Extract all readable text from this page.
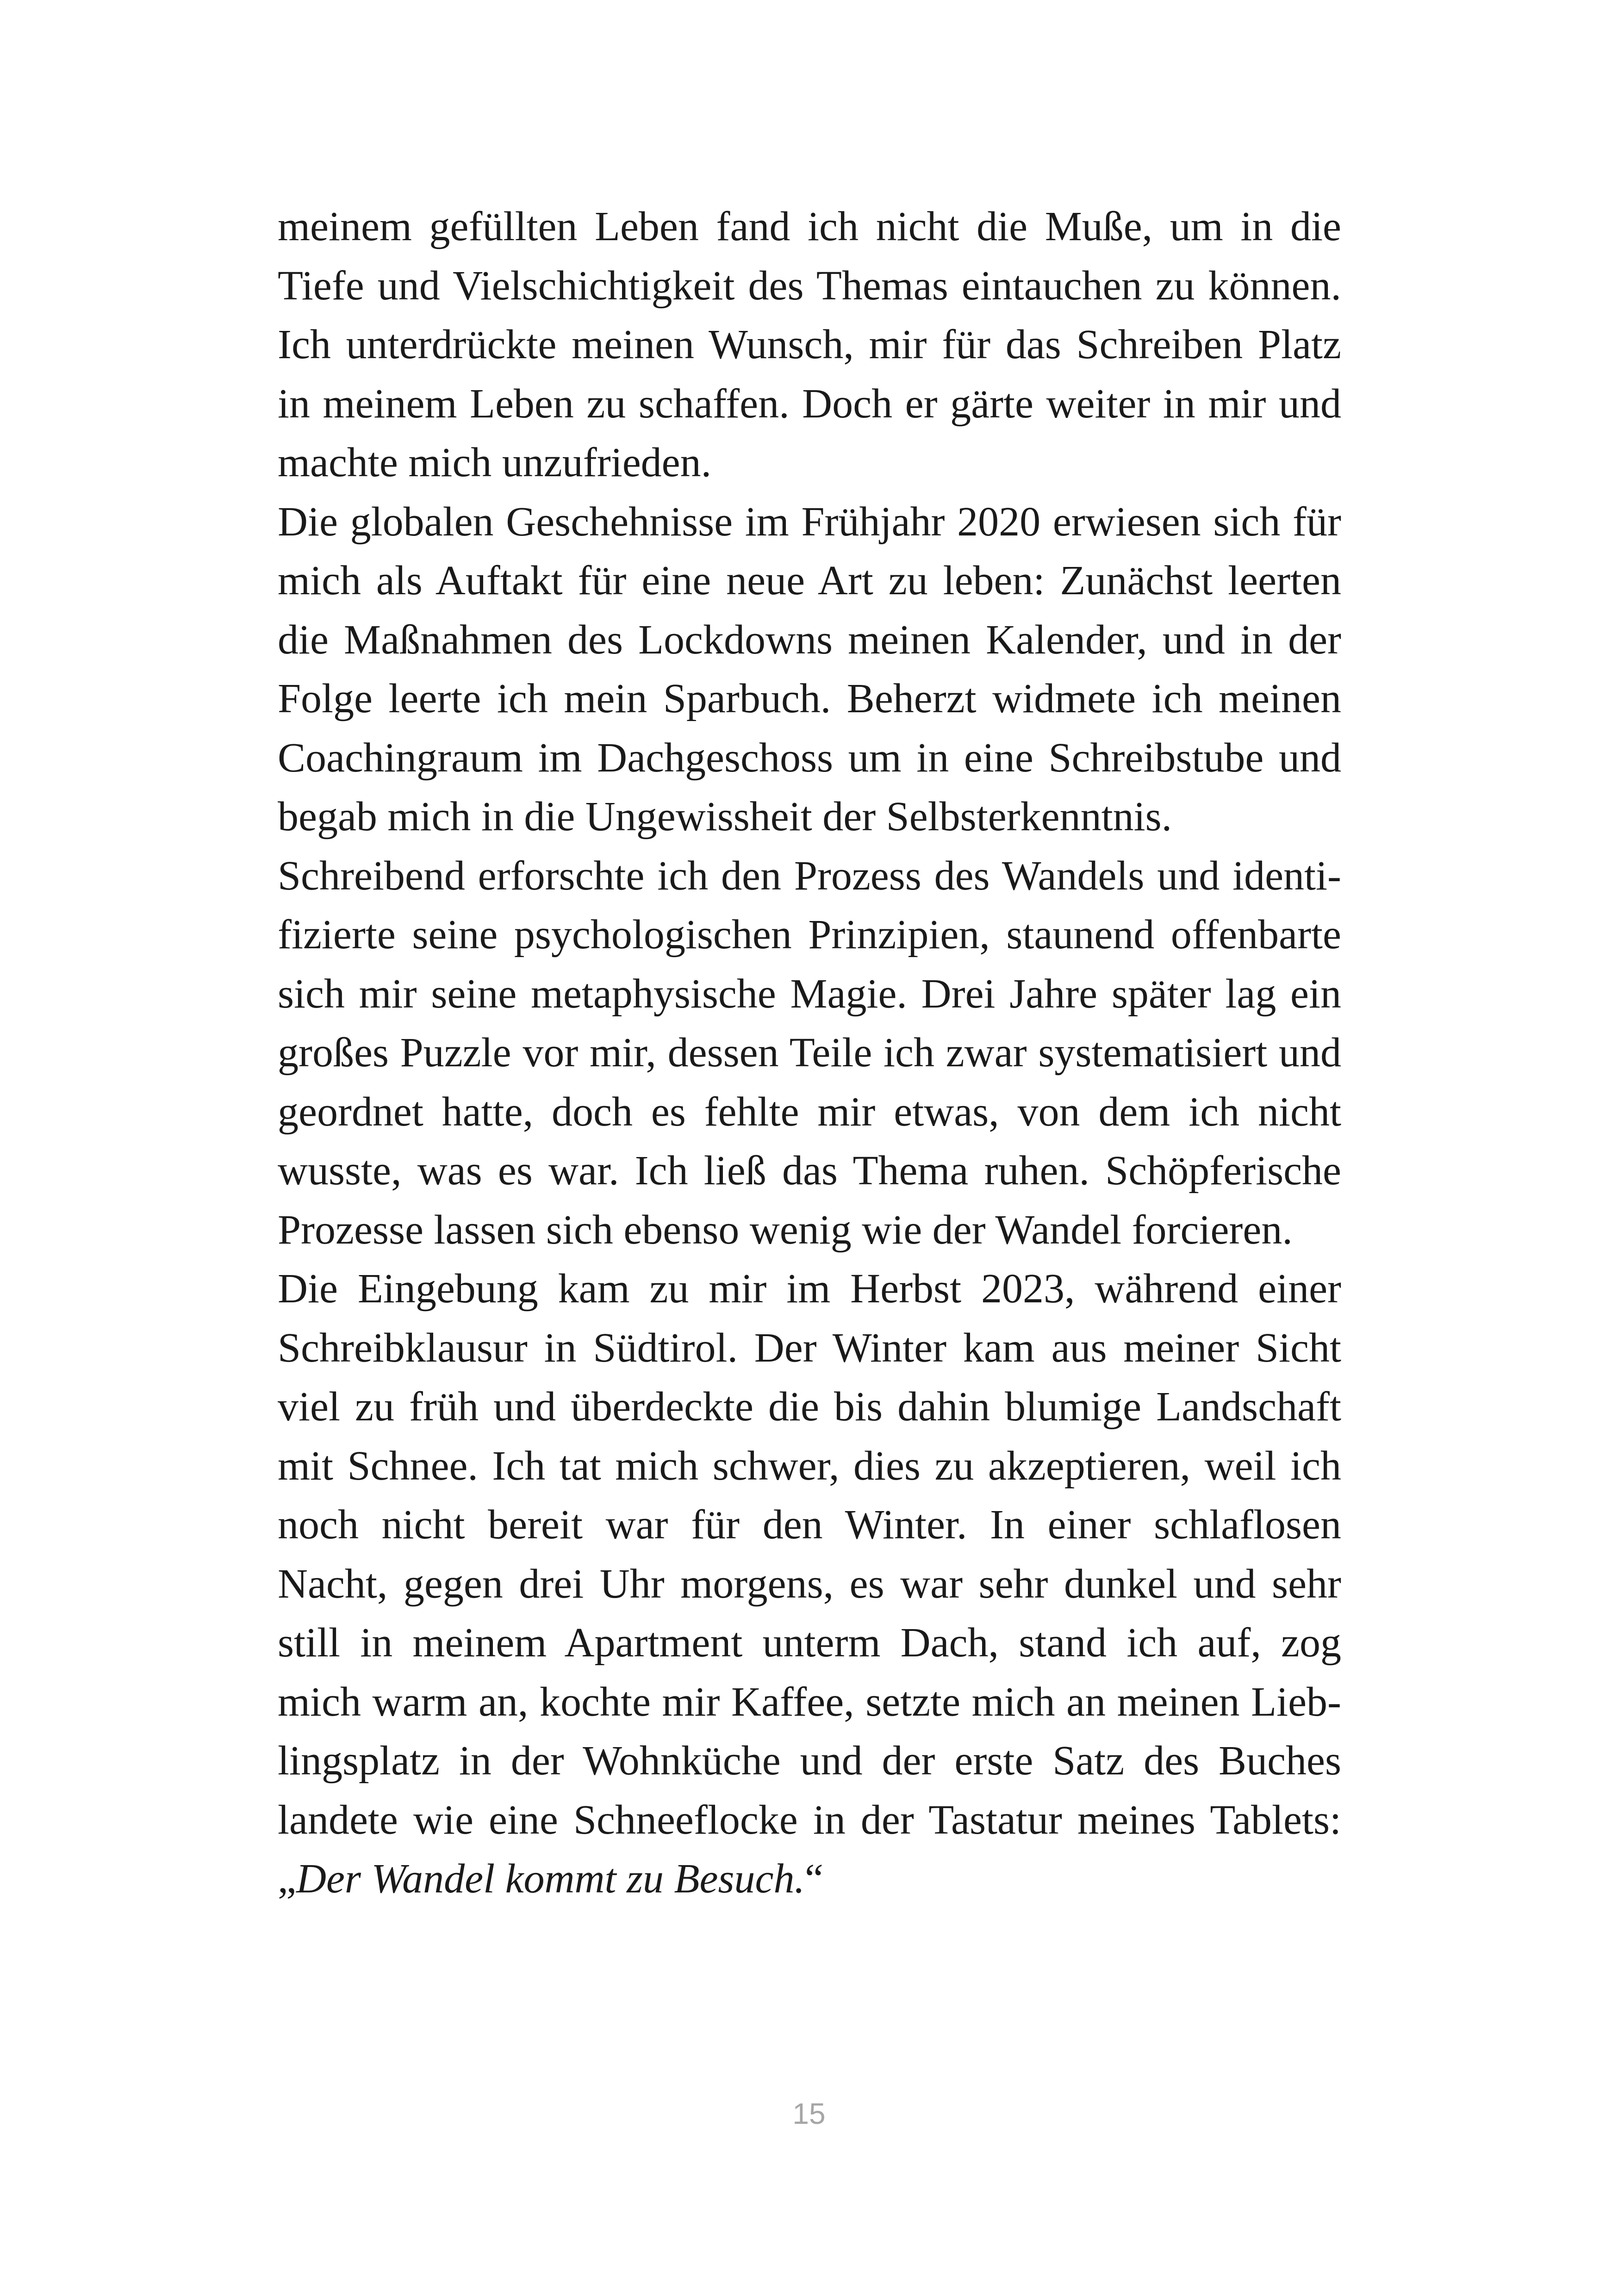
meinem gefüllten Leben fand ich nicht die Muße, um in die
Tiefe und Vielschichtigkeit des Themas eintauchen zu können.
Ich unterdrückte meinen Wunsch, mir für das Schreiben Platz
in meinem Leben zu schaffen. Doch er gärte weiter in mir und
machte mich unzufrieden.
Die globalen Geschehnisse im Frühjahr 2020 erwiesen sich für
mich als Auftakt für eine neue Art zu leben: Zunächst leerten
die Maßnahmen des Lockdowns meinen Kalender, und in der
Folge leerte ich mein Sparbuch. Beherzt widmete ich meinen
Coachingraum im Dachgeschoss um in eine Schreibstube und
begab mich in die Ungewissheit der Selbsterkenntnis.
Schreibend erforschte ich den Prozess des Wandels und identi-
fizierte seine psychologischen Prinzipien, staunend offenbarte
sich mir seine metaphysische Magie. Drei Jahre später lag ein
großes Puzzle vor mir, dessen Teile ich zwar systematisiert und
geordnet hatte, doch es fehlte mir etwas, von dem ich nicht
wusste, was es war. Ich ließ das Thema ruhen. Schöpferische
Prozesse lassen sich ebenso wenig wie der Wandel forcieren.
Die Eingebung kam zu mir im Herbst 2023, während einer
Schreibklausur in Südtirol. Der Winter kam aus meiner Sicht
viel zu früh und überdeckte die bis dahin blumige Landschaft
mit Schnee. Ich tat mich schwer, dies zu akzeptieren, weil ich
noch nicht bereit war für den Winter. In einer schlaflosen
Nacht, gegen drei Uhr morgens, es war sehr dunkel und sehr
still in meinem Apartment unterm Dach, stand ich auf, zog
mich warm an, kochte mir Kaffee, setzte mich an meinen Lieb-
lingsplatz in der Wohnküche und der erste Satz des Buches
landete wie eine Schneeflocke in der Tastatur meines Tablets:
„Der Wandel kommt zu Besuch.“
15
